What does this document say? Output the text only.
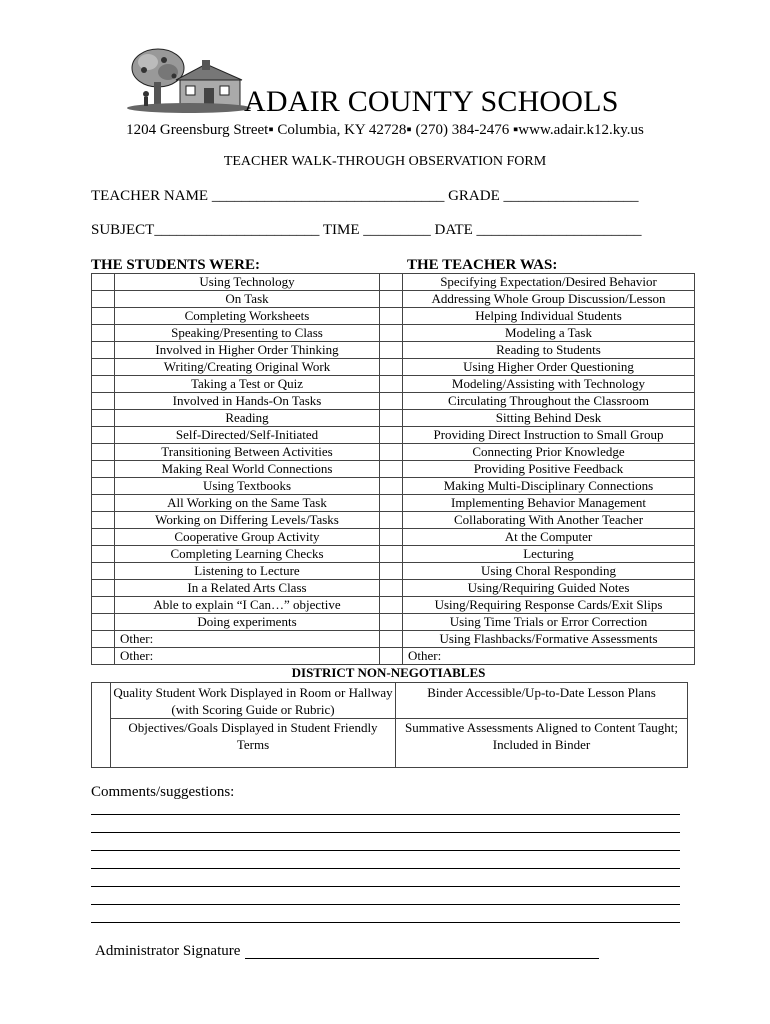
ADAIR COUNTY SCHOOLS
1204 Greensburg Street▪ Columbia, KY 42728▪ (270) 384-2476 ▪www.adair.k12.ky.us
TEACHER WALK-THROUGH OBSERVATION FORM
TEACHER NAME _______________________________ GRADE __________________
SUBJECT______________________ TIME _________ DATE ______________________
THE STUDENTS WERE:	THE TEACHER WAS:
	Using Technology		Specifying Expectation/Desired Behavior
	On Task		Addressing Whole Group Discussion/Lesson
	Completing Worksheets		Helping Individual Students
	Speaking/Presenting to Class		Modeling a Task
	Involved in Higher Order Thinking		Reading to Students
	Writing/Creating Original Work		Using Higher Order Questioning
	Taking a Test or Quiz		Modeling/Assisting with Technology
	Involved in Hands-On Tasks		Circulating Throughout the Classroom
	Reading		Sitting Behind Desk
	Self-Directed/Self-Initiated		Providing Direct Instruction to Small Group
	Transitioning Between Activities		Connecting Prior Knowledge
	Making Real World Connections		Providing Positive Feedback
	Using Textbooks		Making Multi-Disciplinary Connections
	All Working on the Same Task		Implementing Behavior Management
	Working on Differing Levels/Tasks		Collaborating With Another Teacher
	Cooperative Group Activity		At the Computer
	Completing Learning Checks		Lecturing
	Listening to Lecture		Using Choral Responding
	In a Related Arts Class		Using/Requiring Guided Notes
	Able to explain “I Can…” objective		Using/Requiring Response Cards/Exit Slips
	Doing experiments		Using Time Trials or Error Correction
	Other:		Using Flashbacks/Formative Assessments
	Other:		Other:
DISTRICT NON-NEGOTIABLES
	Quality Student Work Displayed in Room or Hallway (with Scoring Guide or Rubric)	Binder Accessible/Up-to-Date Lesson Plans
	Objectives/Goals Displayed in Student Friendly Terms	Summative Assessments Aligned to Content Taught; Included in Binder
Comments/suggestions:
Administrator Signature
